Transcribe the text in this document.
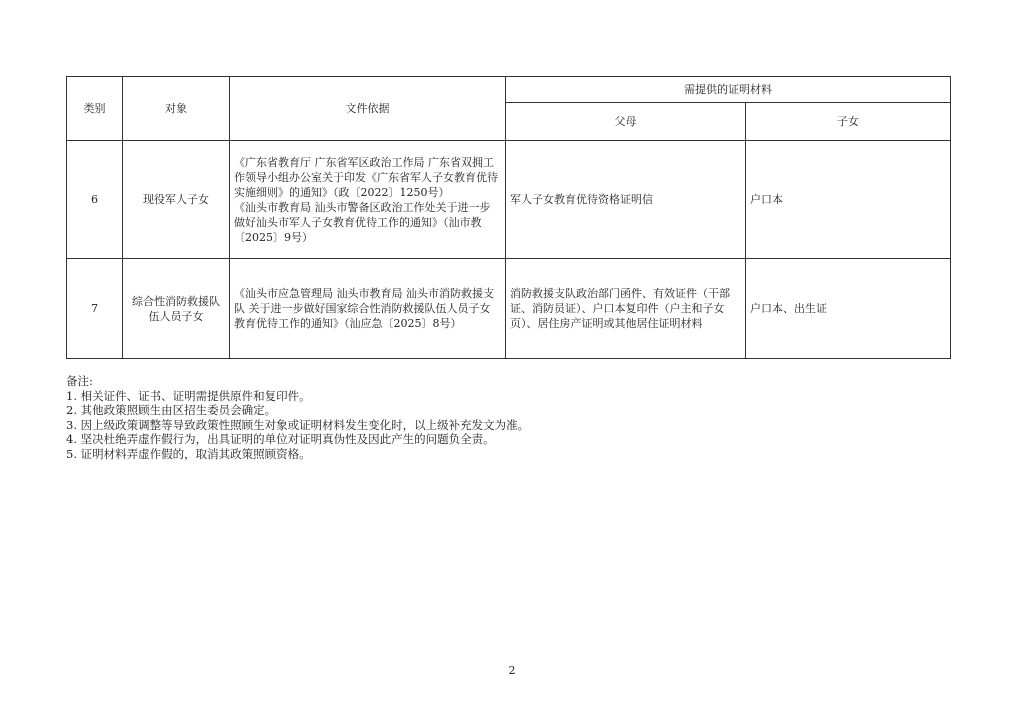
类别	对象	文件依据	需提供的证明材料	
			父母	子女
6	现役军人子女	《广东省教育厅 广东省军区政治工作局 广东省双拥工作领导小组办公室关于印发《广东省军人子女教育优待实施细则》的通知》（政〔2022〕1250号）
《汕头市教育局 汕头市警备区政治工作处关于进一步做好汕头市军人子女教育优待工作的通知》（汕市教〔2025〕9号）	军人子女教育优待资格证明信	户口本
7	综合性消防救援队伍人员子女	《汕头市应急管理局 汕头市教育局 汕头市消防救援支队 关于进一步做好国家综合性消防救援队伍人员子女教育优待工作的通知》（汕应急〔2025〕8号）	消防救援支队政治部门函件、有效证件（干部证、消防员证）、户口本复印件（户主和子女页）、居住房产证明或其他居住证明材料	户口本、出生证
备注:
1. 相关证件、证书、证明需提供原件和复印件。
2. 其他政策照顾生由区招生委员会确定。
3. 因上级政策调整等导致政策性照顾生对象或证明材料发生变化时，以上级补充发文为准。
4. 坚决杜绝弄虚作假行为，出具证明的单位对证明真伪性及因此产生的问题负全责。
5. 证明材料弄虚作假的，取消其政策照顾资格。
2
